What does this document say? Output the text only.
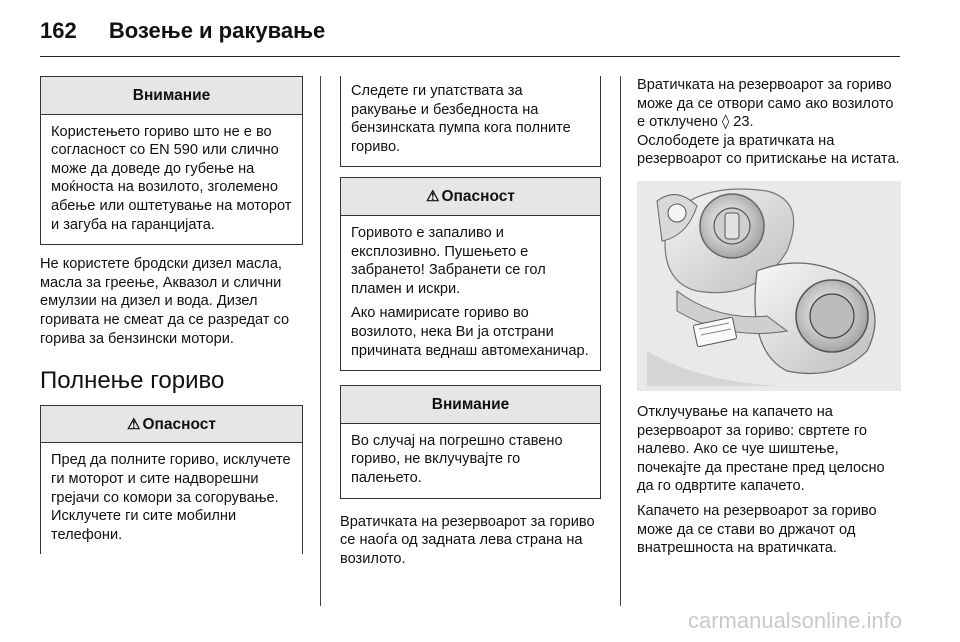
162 Возење и ракување
Внимание

Користењето гориво што не е во согласност со EN 590 или слично може да доведе до губење на моќноста на возилото, зголемено абење или оштетување на моторот и загуба на гаранцијата.

Не користете бродски дизел масла, масла за греење, Аквазол и слични емулзии на дизел и вода. Дизел горивата не смеат да се разредат со горива за бензински мотори.

Полнење гориво
⚠ Опасност

Пред да полните гориво, исклучете ги моторот и сите надворешни грејачи со комори за согорување. Исклучете ги сите мобилни телефони.

Следете ги упатствата за ракување и безбедноста на бензинската пумпа кога полните гориво.

⚠ Опасност

Горивото е запаливо и експлозивно. Пушењето е забрането! Забранети се гол пламен и искри.

Ако намирисате гориво во возилото, нека Ви ја отстрани причината веднаш автомеханичар.

Внимание

Во случај на погрешно ставено гориво, не вклучувајте го палењето.

Вратичката на резервоарот за гориво се наоѓа од задната лева страна на возилото.

Вратичката на резервоарот за гориво може да се отвори само ако возилото е отклучено ◊ 23.
Ослободете ја вратичката на резервоарот со притискање на истата.

Отклучување на капачето на резервоарот за гориво: свртете го налево. Ако се чуе шиштење, почекајте да престане пред целосно да го одвртите капачето.

Капачето на резервоарот за гориво може да се стави во држачот од внатрешноста на вратичката.

carmanualsonline.info
